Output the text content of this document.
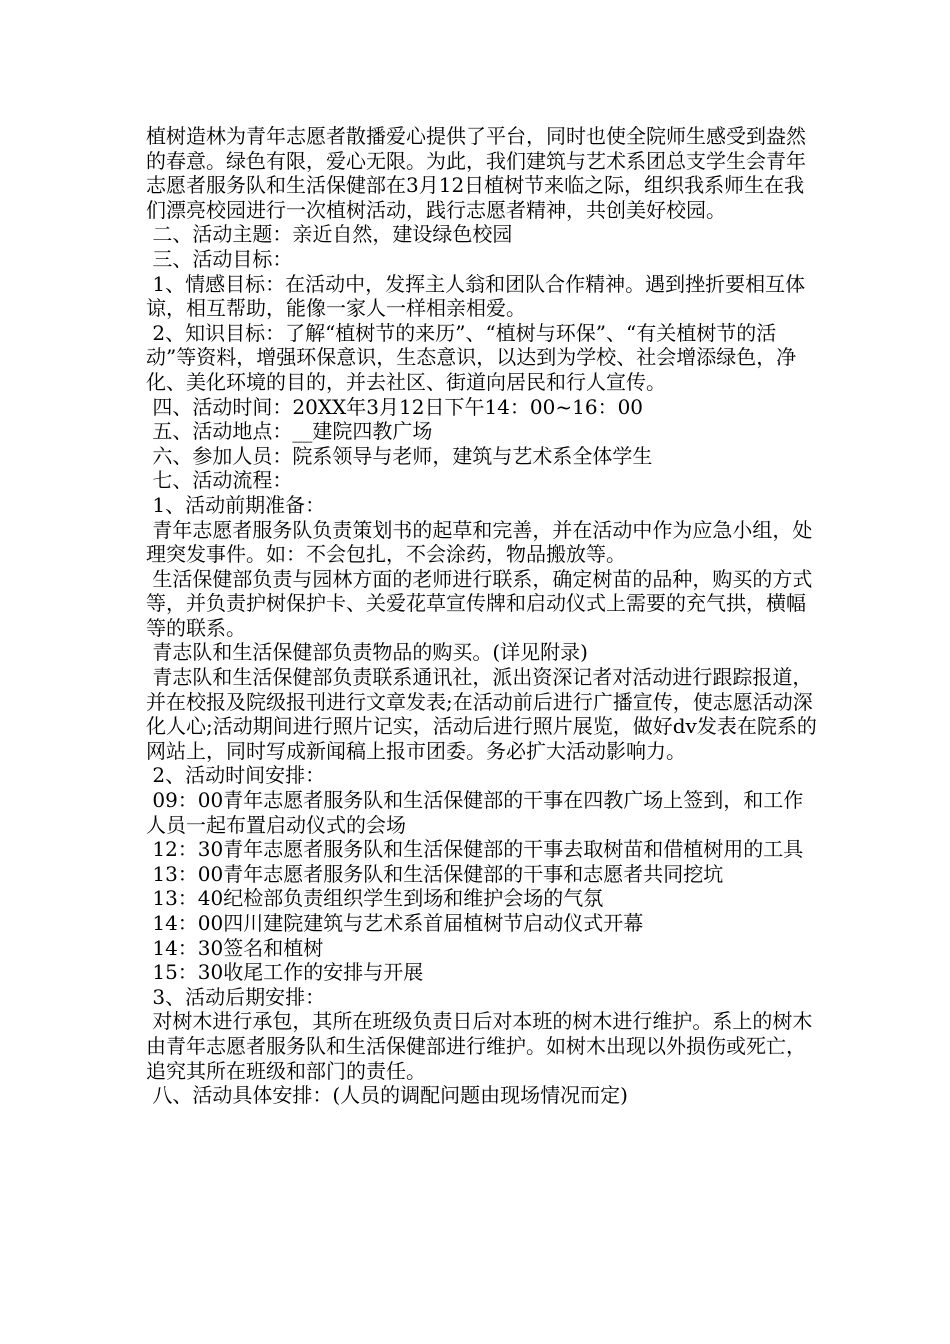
植树造林为青年志愿者散播爱心提供了平台，同时也使全院师生感受到盎然的春意。绿色有限，爱心无限。为此，我们建筑与艺术系团总支学生会青年志愿者服务队和生活保健部在3月12日植树节来临之际，组织我系师生在我们漂亮校园进行一次植树活动，践行志愿者精神，共创美好校园。

二、活动主题：亲近自然，建设绿色校园

三、活动目标：

1、情感目标：在活动中，发挥主人翁和团队合作精神。遇到挫折要相互体谅，相互帮助，能像一家人一样相亲相爱。

2、知识目标：了解“植树节的来历”、“植树与环保”、“有关植树节的活动”等资料，增强环保意识，生态意识，以达到为学校、社会增添绿色，净化、美化环境的目的，并去社区、街道向居民和行人宣传。

四、活动时间：20XX年3月12日下午14：00~16：00

五、活动地点：__建院四教广场

六、参加人员：院系领导与老师，建筑与艺术系全体学生

七、活动流程：

1、活动前期准备：

青年志愿者服务队负责策划书的起草和完善，并在活动中作为应急小组，处理突发事件。如：不会包扎，不会涂药，物品搬放等。

生活保健部负责与园林方面的老师进行联系，确定树苗的品种，购买的方式等，并负责护树保护卡、关爱花草宣传牌和启动仪式上需要的充气拱，横幅等的联系。

青志队和生活保健部负责物品的购买。(详见附录)

青志队和生活保健部负责联系通讯社，派出资深记者对活动进行跟踪报道，并在校报及院级报刊进行文章发表;在活动前后进行广播宣传，使志愿活动深化人心;活动期间进行照片记实，活动后进行照片展览，做好dv发表在院系的网站上，同时写成新闻稿上报市团委。务必扩大活动影响力。

2、活动时间安排：

09：00青年志愿者服务队和生活保健部的干事在四教广场上签到，和工作人员一起布置启动仪式的会场

12：30青年志愿者服务队和生活保健部的干事去取树苗和借植树用的工具

13：00青年志愿者服务队和生活保健部的干事和志愿者共同挖坑

13：40纪检部负责组织学生到场和维护会场的气氛

14：00四川建院建筑与艺术系首届植树节启动仪式开幕

14：30签名和植树

15：30收尾工作的安排与开展

3、活动后期安排：

对树木进行承包，其所在班级负责日后对本班的树木进行维护。系上的树木由青年志愿者服务队和生活保健部进行维护。如树木出现以外损伤或死亡，追究其所在班级和部门的责任。

八、活动具体安排：(人员的调配问题由现场情况而定)
